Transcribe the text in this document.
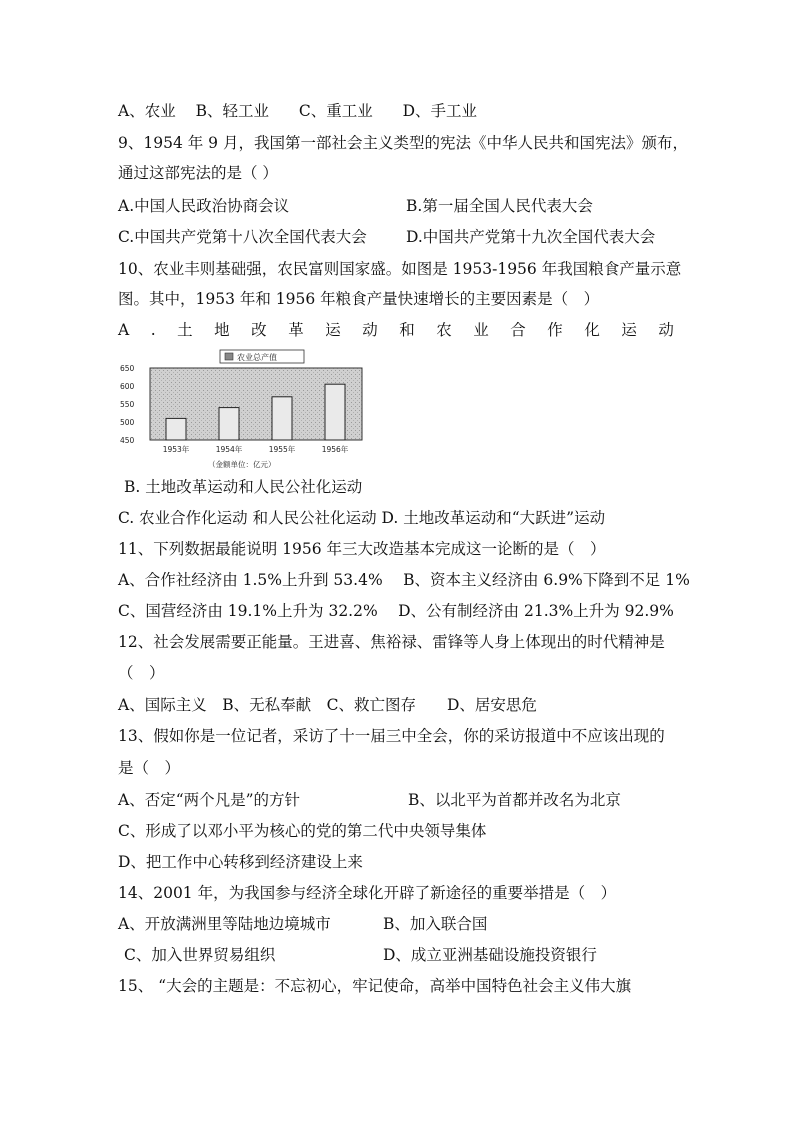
A、农业 B、轻工业 C、重工业 D、手工业
9、1954 年 9 月，我国第一部社会主义类型的宪法《中华人民共和国宪法》颁布，
通过这部宪法的是（ ）
A.中国人民政治协商会议	B.第一届全国人民代表大会
C.中国共产党第十八次全国代表大会	D.中国共产党第十九次全国代表大会
10、农业丰则基础强，农民富则国家盛。如图是 1953-1956 年我国粮食产量示意
图。其中，1953 年和 1956 年粮食产量快速增长的主要因素是（　）
A . 土 地 改 革 运 动 和 农 业 合 作 化 运 动
农业总产值
650
600
550
500
450
1953年	1954年	1955年	1956年
（金额单位：亿元）
B. 土地改革运动和人民公社化运动
C. 农业合作化运动 和人民公社化运动 D. 土地改革运动和“大跃进”运动
11、下列数据最能说明 1956 年三大改造基本完成这一论断的是（　）
A、合作社经济由 1.5%上升到 53.4%　 B、资本主义经济由 6.9%下降到不足 1%
C、国营经济由 19.1%上升为 32.2%　 D、公有制经济由 21.3%上升为 92.9%
12、社会发展需要正能量。王进喜、焦裕禄、雷锋等人身上体现出的时代精神是
（　）
A、国际主义　B、无私奉献　C、救亡图存　　D、居安思危
13、假如你是一位记者，采访了十一届三中全会，你的采访报道中不应该出现的
是（　）
A、否定“两个凡是”的方针	B、以北平为首都并改名为北京
C、形成了以邓小平为核心的党的第二代中央领导集体
D、把工作中心转移到经济建设上来
14、2001 年，为我国参与经济全球化开辟了新途径的重要举措是（　）
A、开放满洲里等陆地边境城市	B、加入联合国
C、加入世界贸易组织	D、成立亚洲基础设施投资银行
15、 “大会的主题是：不忘初心，牢记使命，高举中国特色社会主义伟大旗
